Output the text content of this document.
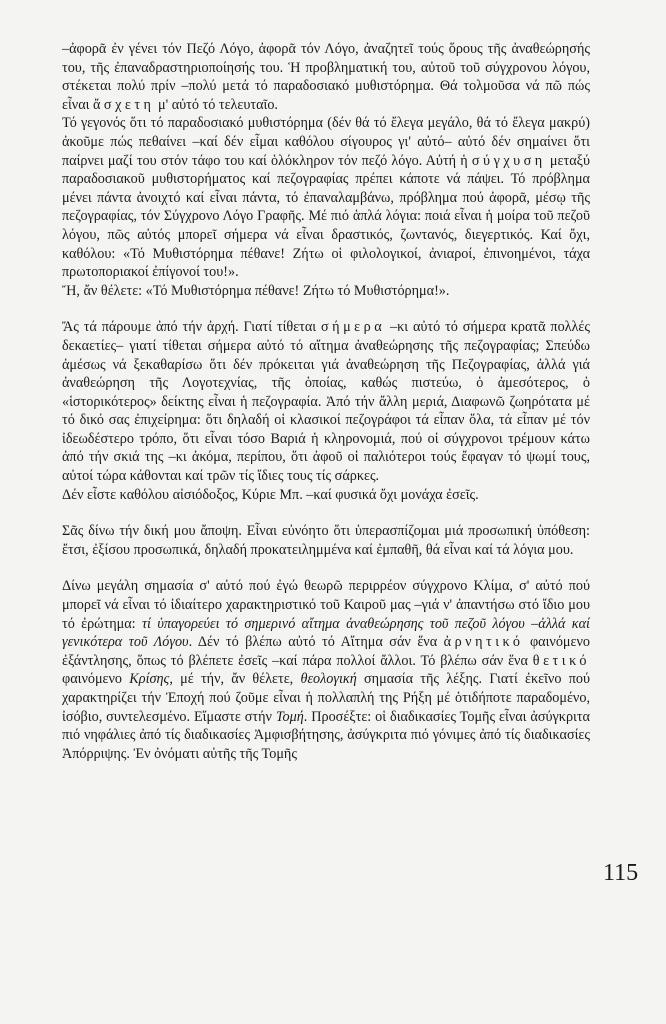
–ἀφορᾶ ἐν γένει τόν Πεζό Λόγο, ἀφορᾶ τόν Λόγο, ἀναζητεῖ τούς ὅρους τῆς ἀναθεώρησής του, τῆς ἐπαναδραστηριοποίησής του. Ἡ προβληματική του, αὐτοῦ τοῦ σύγχρονου λόγου, στέκεται πολύ πρίν –πολύ μετά τό παραδοσιακό μυθιστόρημα. Θά τολμοῦσα νά πῶ πώς εἶναι ἄσχετη μ' αὐτό τό τελευταῖο.

Τό γεγονός ὅτι τό παραδοσιακό μυθιστόρημα (δέν θά τό ἔλεγα μεγάλο, θά τό ἔλεγα μακρύ) ἀκοῦμε πώς πεθαίνει –καί δέν εἶμαι καθόλου σίγουρος γι' αὐτό– αὐτό δέν σημαίνει ὅτι παίρνει μαζί του στόν τάφο του καί ὁλόκληρον τόν πεζό λόγο. Αὐτή ἡ σύγχυση μεταξύ παραδοσιακοῦ μυθιστορήματος καί πεζογραφίας πρέπει κάποτε νά πάψει. Τό πρόβλημα μένει πάντα ἀνοιχτό καί εἶναι πάντα, τό ἐπαναλαμβάνω, πρόβλημα πού ἀφορᾶ, μέσῳ τῆς πεζογραφίας, τόν Σύγχρονο Λόγο Γραφῆς. Μέ πιό ἁπλά λόγια: ποιά εἶναι ἡ μοίρα τοῦ πεζοῦ λόγου, πῶς αὐτός μπορεῖ σήμερα νά εἶναι δραστικός, ζωντανός, διεγερτικός. Καί ὄχι, καθόλου: «Τό Μυθιστόρημα πέθανε! Ζήτω οἱ φιλολογικοί, ἀνιαροί, ἐπινοημένοι, τάχα πρωτοποριακοί ἐπίγονοί του!».

Ἤ, ἄν θέλετε: «Τό Μυθιστόρημα πέθανε! Ζήτω τό Μυθιστόρημα!».

Ἄς τά πάρουμε ἀπό τήν ἀρχή. Γιατί τίθεται σήμερα –κι αὐτό τό σήμερα κρατᾶ πολλές δεκαετίες– γιατί τίθεται σήμερα αὐτό τό αἴτημα ἀναθεώρησης τῆς πεζογραφίας; Σπεύδω ἀμέσως νά ξεκαθαρίσω ὅτι δέν πρόκειται γιά ἀναθεώρηση τῆς Πεζογραφίας, ἀλλά γιά ἀναθεώρηση τῆς Λογοτεχνίας, τῆς ὁποίας, καθώς πιστεύω, ὁ ἀμεσότερος, ὁ «ἱστορικότερος» δείκτης εἶναι ἡ πεζογραφία. Ἀπό τήν ἄλλη μεριά, Διαφωνῶ ζωηρότατα μέ τό δικό σας ἐπιχείρημα: ὅτι δηλαδή οἱ κλασικοί πεζογράφοι τά εἶπαν ὅλα, τά εἶπαν μέ τόν ἰδεωδέστερο τρόπο, ὅτι εἶναι τόσο Βαριά ἡ κληρονομιά, πού οἱ σύγχρονοι τρέμουν κάτω ἀπό τήν σκιά της –κι ἀκόμα, περίπου, ὅτι ἀφοῦ οἱ παλιότεροι τούς ἔφαγαν τό ψωμί τους, αὐτοί τώρα κάθονται καί τρῶν τίς ἴδιες τους τίς σάρκες.

Δέν εἶστε καθόλου αἰσιόδοξος, Κύριε Μπ. –καί φυσικά ὄχι μονάχα ἐσεῖς.

Σᾶς δίνω τήν δική μου ἄποψη. Εἶναι εὐνόητο ὅτι ὑπερασπίζομαι μιά προσωπική ὑπόθεση: ἔτσι, ἐξίσου προσωπικά, δηλαδή προκατειλημμένα καί ἐμπαθῆ, θά εἶναι καί τά λόγια μου.

Δίνω μεγάλη σημασία σ' αὐτό πού ἐγώ θεωρῶ περιρρέον σύγχρονο Κλίμα, σ' αὐτό πού μπορεῖ νά εἶναι τό ἰδιαίτερο χαρακτηριστικό τοῦ Καιροῦ μας –γιά ν' ἀπαντήσω στό ἴδιο μου τό ἐρώτημα: τί ὑπαγορεύει τό σημερινό αἴτημα ἀναθεώρησης τοῦ πεζοῦ λόγου –ἀλλά καί γενικότερα τοῦ Λόγου. Δέν τό βλέπω αὐτό τό Αἴτημα σάν ἕνα ἀρνητικό φαινόμενο ἐξάντλησης, ὅπως τό βλέπετε ἐσεῖς –καί πάρα πολλοί ἄλλοι. Τό βλέπω σάν ἕνα θετικό φαινόμενο Κρίσης, μέ τήν, ἄν θέλετε, θεολογική σημασία τῆς λέξης. Γιατί ἐκεῖνο πού χαρακτηρίζει τήν Ἐποχή πού ζοῦμε εἶναι ἡ πολλαπλή της Ρήξη μέ ὁτιδήποτε παραδομένο, ἰσόβιο, συντελεσμένο. Εἴμαστε στήν Τομή. Προσέξτε: οἱ διαδικασίες Τομῆς εἶναι ἀσύγκριτα πιό νηφάλιες ἀπό τίς διαδικασίες Ἀμφισβήτησης, ἀσύγκριτα πιό γόνιμες ἀπό τίς διαδικασίες Ἀπόρριψης. Ἐν ὀνόματι αὐτῆς τῆς Τομῆς

115
